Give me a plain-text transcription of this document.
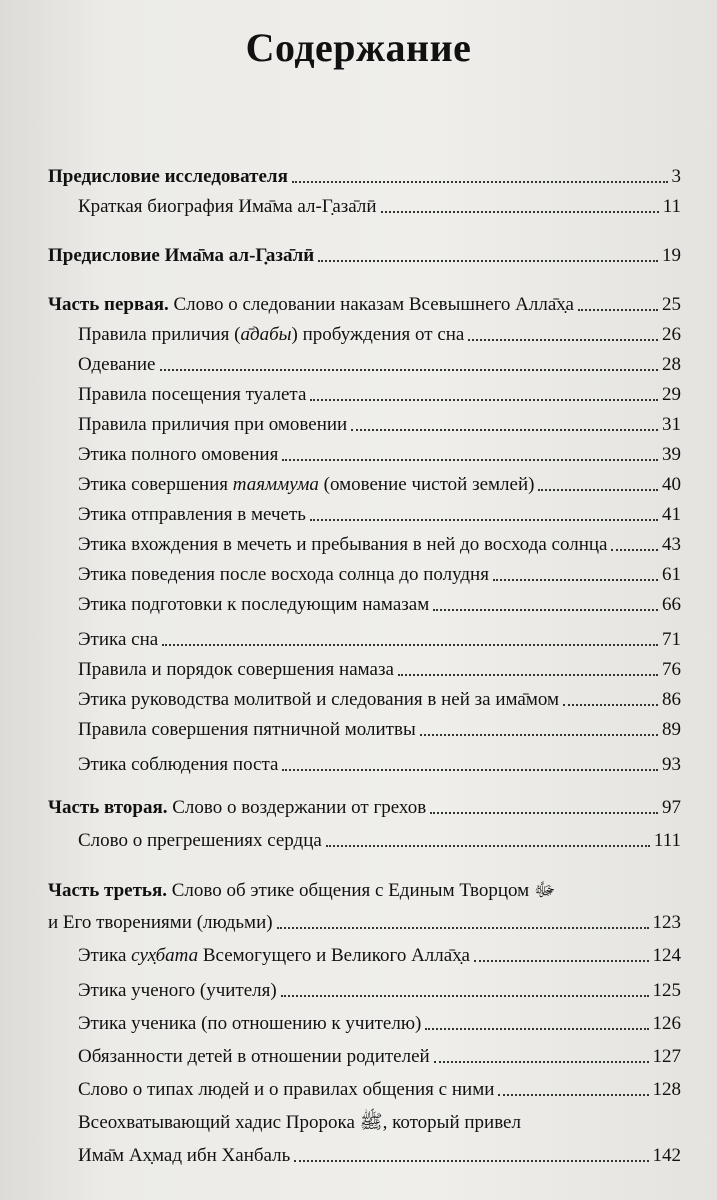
Содержание
Предисловие исследователя	3
Краткая биография Има̄ма ал-Г̣аза̄лӣ	11
Предисловие Има̄ма ал-Г̣аза̄лӣ	19
Часть первая. Слово о следовании наказам Всевышнего Алла̄х̣а	25
Правила приличия (а̄дабы) пробуждения от сна	26
Одевание	28
Правила посещения туалета	29
Правила приличия при омовении	31
Этика полного омовения	39
Этика совершения таяммума (омовение чистой землей)	40
Этика отправления в мечеть	41
Этика вхождения в мечеть и пребывания в ней до восхода солнца	43
Этика поведения после восхода солнца до полудня	61
Этика подготовки к последующим намазам	66
Этика сна	71
Правила и порядок совершения намаза	76
Этика руководства молитвой и следования в ней за има̄мом	86
Правила совершения пятничной молитвы	89
Этика соблюдения поста	93
Часть вторая. Слово о воздержании от грехов	97
Слово о прегрешениях сердца	111
Часть третья. Слово об этике общения с Единым Творцом ﷻ
и Его творениями (людьми)	123
Этика сух̣бата Всемогущего и Великого Алла̄х̣а	124
Этика ученого (учителя)	125
Этика ученика (по отношению к учителю)	126
Обязанности детей в отношении родителей	127
Слово о типах людей и о правилах общения с ними	128
Всеохватывающий хадис Пророка ﷺ, который привел
Има̄м Ах̣мад ибн Ханбаль	142
